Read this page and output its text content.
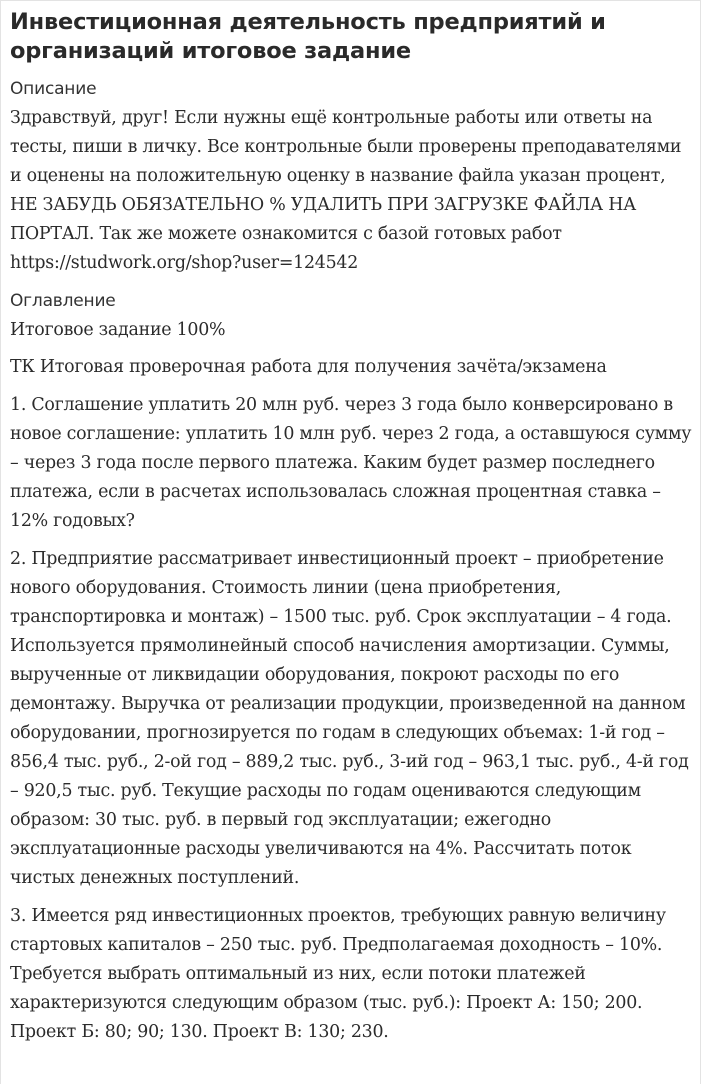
Инвестиционная деятельность предприятий и организаций итоговое задание
Описание

Здравствуй, друг! Если нужны ещё контрольные работы или ответы на тесты, пиши в личку. Все контрольные были проверены преподавателями и оценены на положительную оценку в название файла указан процент, НЕ ЗАБУДЬ ОБЯЗАТЕЛЬНО % УДАЛИТЬ ПРИ ЗАГРУЗКЕ ФАЙЛА НА ПОРТАЛ. Так же можете ознакомится с базой готовых работ https://studwork.org/shop?user=124542

Оглавление

Итоговое задание 100%

ТК Итоговая проверочная работа для получения зачёта/экзамена

1. Соглашение уплатить 20 млн руб. через 3 года было конверсировано в новое соглашение: уплатить 10 млн руб. через 2 года, а оставшуюся сумму – через 3 года после первого платежа. Каким будет размер последнего платежа, если в расчетах использовалась сложная процентная ставка – 12% годовых?

2. Предприятие рассматривает инвестиционный проект – приобретение нового оборудования. Стоимость линии (цена приобретения, транспортировка и монтаж) – 1500 тыс. руб. Срок эксплуатации – 4 года. Используется прямолинейный способ начисления амортизации. Суммы, вырученные от ликвидации оборудования, покроют расходы по его демонтажу. Выручка от реализации продукции, произведенной на данном оборудовании, прогнозируется по годам в следующих объемах: 1-й год – 856,4 тыс. руб., 2-ой год – 889,2 тыс. руб., 3-ий год – 963,1 тыс. руб., 4-й год – 920,5 тыс. руб. Текущие расходы по годам оцениваются следующим образом: 30 тыс. руб. в первый год эксплуатации; ежегодно эксплуатационные расходы увеличиваются на 4%. Рассчитать поток чистых денежных поступлений.

3. Имеется ряд инвестиционных проектов, требующих равную величину стартовых капиталов – 250 тыс. руб. Предполагаемая доходность – 10%. Требуется выбрать оптимальный из них, если потоки платежей характеризуются следующим образом (тыс. руб.): Проект А: 150; 200. Проект Б: 80; 90; 130. Проект В: 130; 230.
